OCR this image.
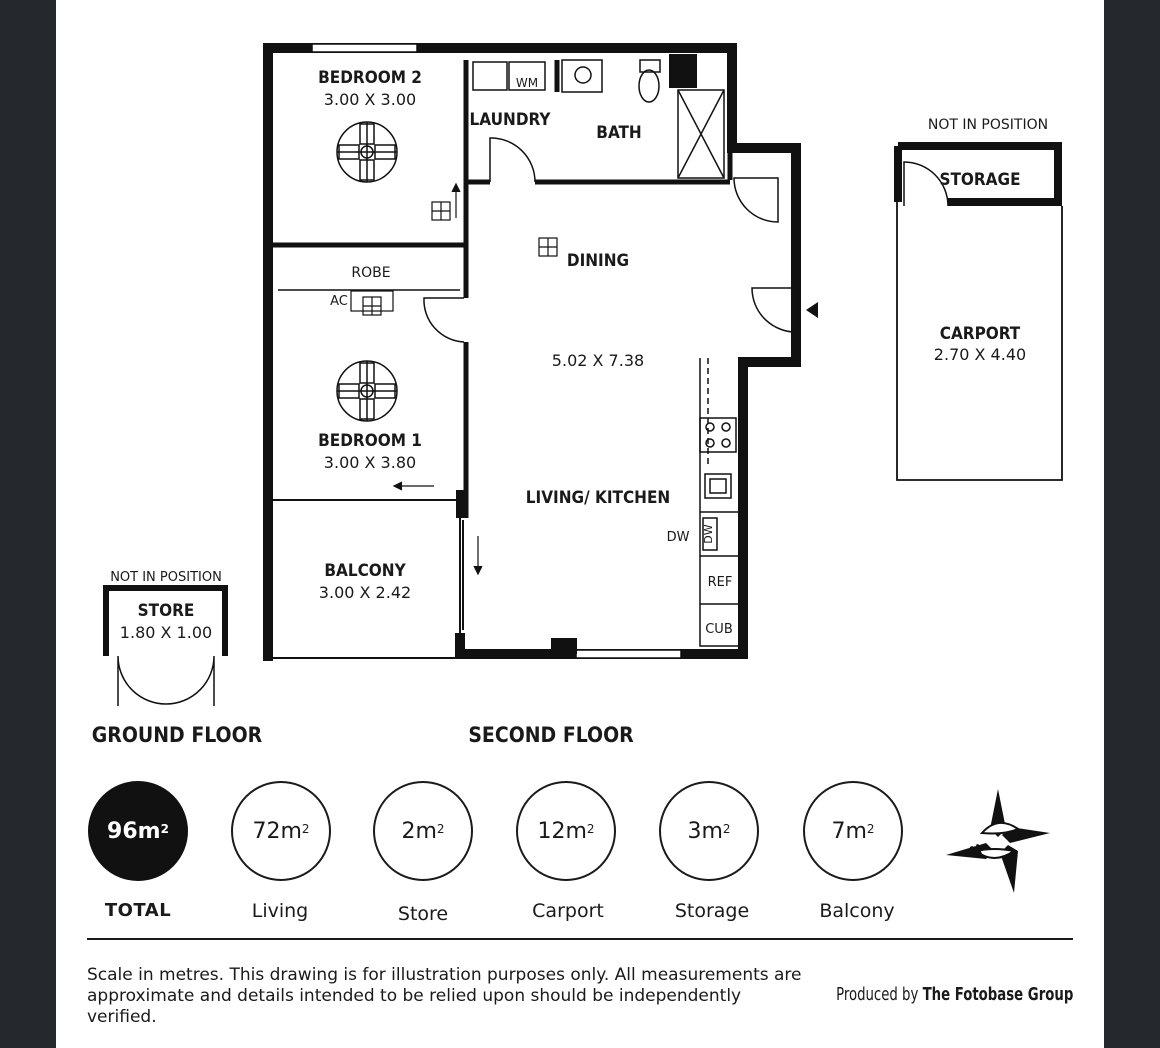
BEDROOM 2
3.00 X 3.00
WM
LAUNDRY
BATH
DINING
5.02 X 7.38
ROBE
AC
BEDROOM 1
3.00 X 3.80
LIVING/ KITCHEN
DW DW
REF
CUB
BALCONY
3.00 X 2.42
NOT IN POSITION
STORE
1.80 X 1.00
NOT IN POSITION
STORAGE
CARPORT
2.70 X 4.40
GROUND FLOOR	SECOND FLOOR
$96m^2$	$72m^2$	$2m^2$	$12m^2$	$3m^2$	$7m^2$
TOTAL	Living	Store	Carport	Storage	Balcony
N
Scale in metres. This drawing is for illustration purposes only. All measurements are approximate and details intended to be relied upon should be independently verified.
Produced by The Fotobase Group
